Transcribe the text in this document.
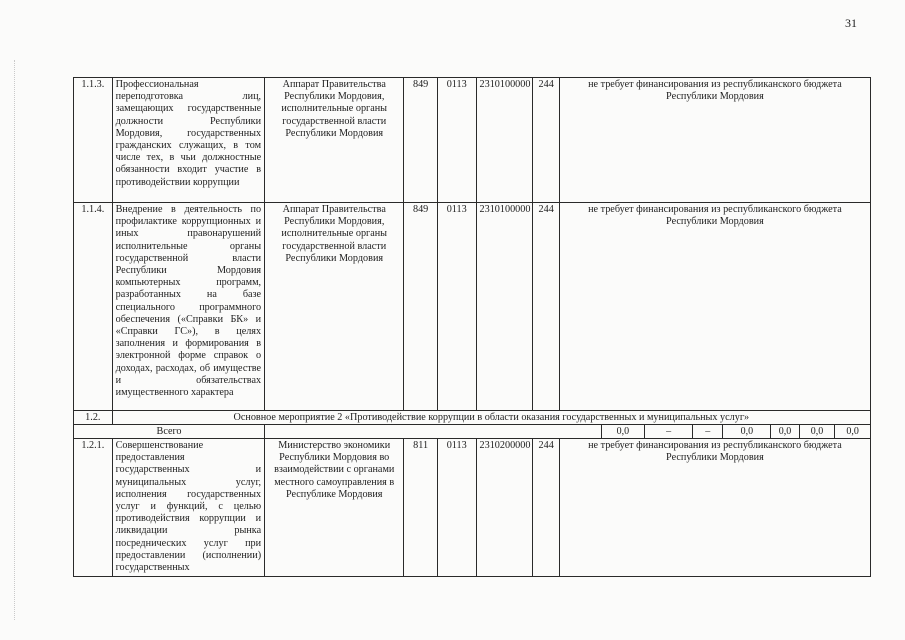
31
1.1.3.	Профессиональная переподготовка лиц, замещающих государственные должности Республики Мордовия, государственных гражданских служащих, в том числе тех, в чьи должностные обязанности входит участие в противодействии коррупции	Аппарат Правительства Республики Мордовия, исполнительные органы государственной власти Республики Мордовия	849	0113	2310100000	244	не требует финансирования из республиканского бюджета Республики Мордовия							
1.1.4.	Внедрение в деятельность по профилактике коррупционных и иных правонарушений исполнительные органы государственной власти Республики Мордовия компьютерных программ, разработанных на базе специального программного обеспечения («Справки БК» и «Справки ГС»), в целях заполнения и формирования в электронной форме справок о доходах, расходах, об имуществе и обязательствах имущественного характера	Аппарат Правительства Республики Мордовия, исполнительные органы государственной власти Республики Мордовия	849	0113	2310100000	244	не требует финансирования из республиканского бюджета Республики Мордовия							
1.2.	Основное мероприятие 2 «Противодействие коррупции в области оказания государственных и муниципальных услуг»													
Всего								0,0	–	–	0,0	0,0	0,0	0,0
1.2.1.	Совершенствование предоставления государственных и муниципальных услуг, исполнения государственных услуг и функций, с целью противодействия коррупции и ликвидации рынка посреднических услуг при предоставлении (исполнении) государственных	Министерство экономики Республики Мордовия во взаимодействии с органами местного самоуправления в Республике Мордовия	811	0113	2310200000	244	не требует финансирования из республиканского бюджета Республики Мордовия							
